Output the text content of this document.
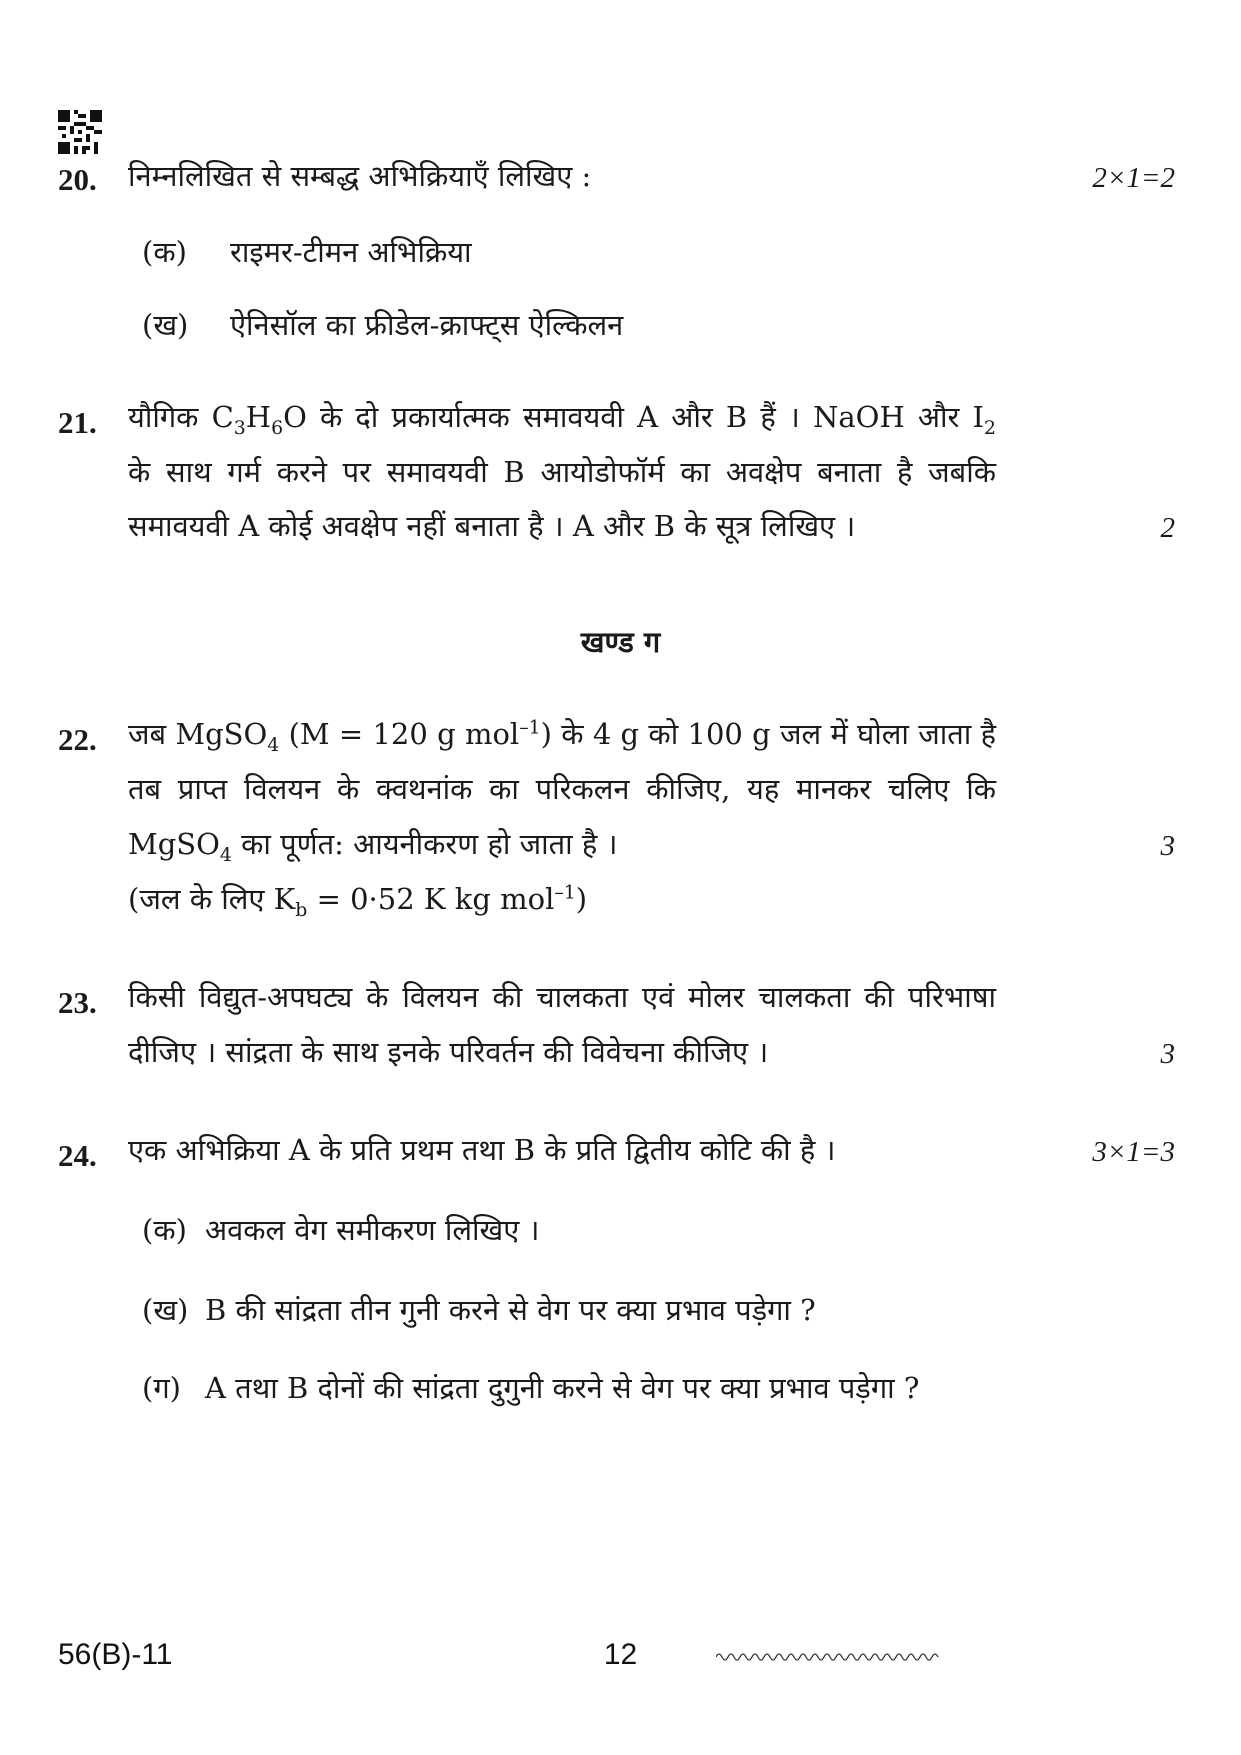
20. निम्नलिखित से सम्बद्ध अभिक्रियाएँ लिखिए :	2×1=2
(क) राइमर-टीमन अभिक्रिया
(ख) ऐनिसॉल का फ्रीडेल-क्राफ्ट्स ऐल्किलन
21. यौगिक $C_3H_6O$ के दो प्रकार्यात्मक समावयवी A और B हैं । NaOH और $I_2$
के साथ गर्म करने पर समावयवी B आयोडोफॉर्म का अवक्षेप बनाता है जबकि
समावयवी A कोई अवक्षेप नहीं बनाता है । A और B के सूत्र लिखिए ।	2
खण्ड ग
22. जब MgSO$_4$ (M = 120 g mol$^{-1}$) के 4 g को 100 g जल में घोला जाता है
तब प्राप्त विलयन के क्वथनांक का परिकलन कीजिए, यह मानकर चलिए कि
MgSO$_4$ का पूर्णत: आयनीकरण हो जाता है ।	3
(जल के लिए $K_b = 0\cdot 52$ K kg mol$^{-1}$)
23. किसी विद्युत-अपघट्य के विलयन की चालकता एवं मोलर चालकता की परिभाषा
दीजिए । सांद्रता के साथ इनके परिवर्तन की विवेचना कीजिए ।	3
24. एक अभिक्रिया A के प्रति प्रथम तथा B के प्रति द्वितीय कोटि की है ।	3×1=3
(क) अवकल वेग समीकरण लिखिए ।
(ख) B की सांद्रता तीन गुनी करने से वेग पर क्या प्रभाव पड़ेगा ?
(ग) A तथा B दोनों की सांद्रता दुगुनी करने से वेग पर क्या प्रभाव पड़ेगा ?
56(B)-11	12
